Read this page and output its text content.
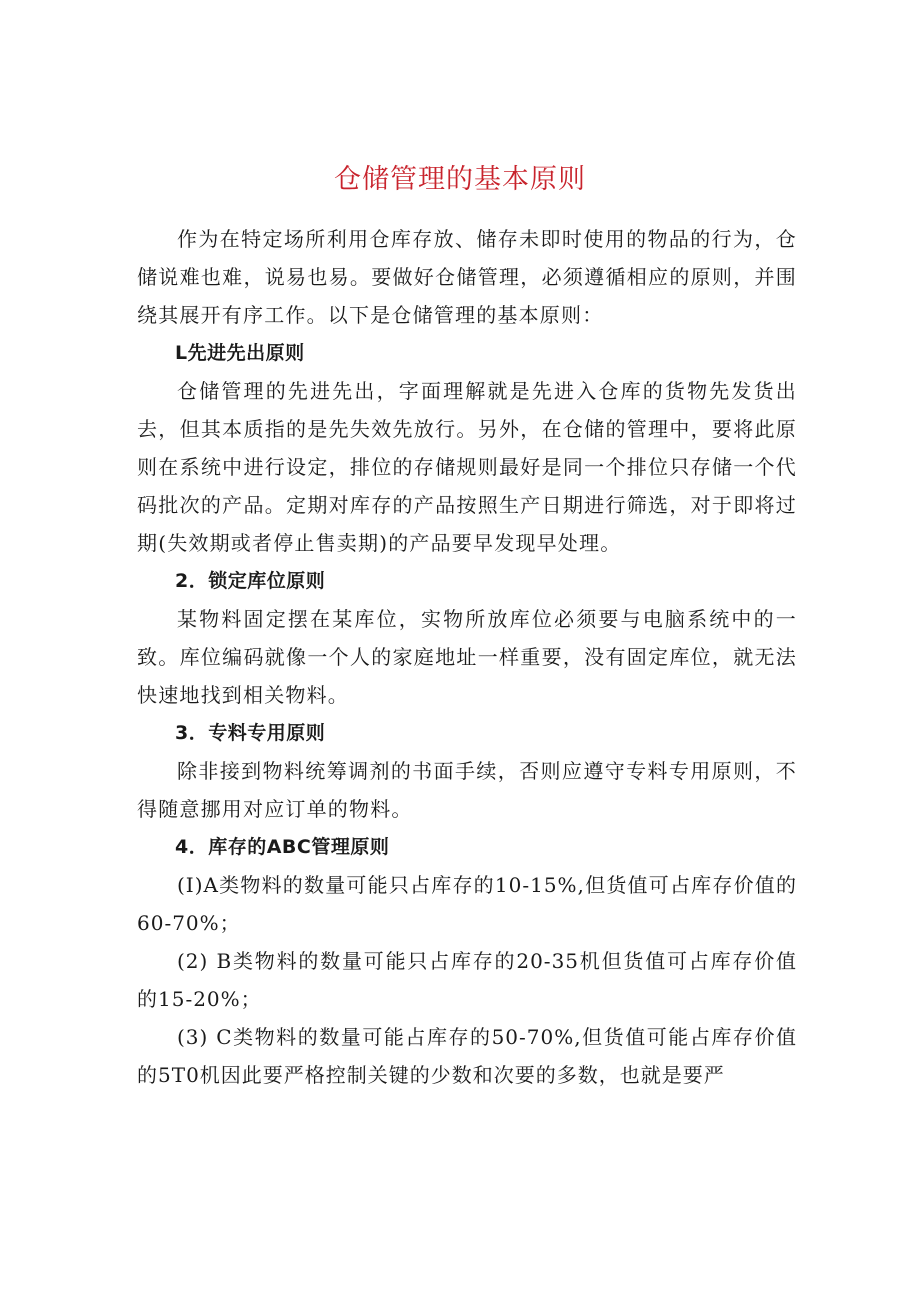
仓储管理的基本原则

作为在特定场所利用仓库存放、储存未即时使用的物品的行为，仓储说难也难，说易也易。要做好仓储管理，必须遵循相应的原则，并围绕其展开有序工作。以下是仓储管理的基本原则：

L先进先出原则

仓储管理的先进先出，字面理解就是先进入仓库的货物先发货出去，但其本质指的是先失效先放行。另外，在仓储的管理中，要将此原则在系统中进行设定，排位的存储规则最好是同一个排位只存储一个代码批次的产品。定期对库存的产品按照生产日期进行筛选，对于即将过期(失效期或者停止售卖期)的产品要早发现早处理。

2．锁定库位原则

某物料固定摆在某库位，实物所放库位必须要与电脑系统中的一致。库位编码就像一个人的家庭地址一样重要，没有固定库位，就无法快速地找到相关物料。

3．专料专用原则

除非接到物料统筹调剂的书面手续，否则应遵守专料专用原则，不得随意挪用对应订单的物料。

4．库存的ABC管理原则

(I)A类物料的数量可能只占库存的10-15%,但货值可占库存价值的60-70%；

(2) B类物料的数量可能只占库存的20-35机但货值可占库存价值的15-20%；

(3) C类物料的数量可能占库存的50-70%,但货值可能占库存价值的5T0机因此要严格控制关键的少数和次要的多数，也就是要严
